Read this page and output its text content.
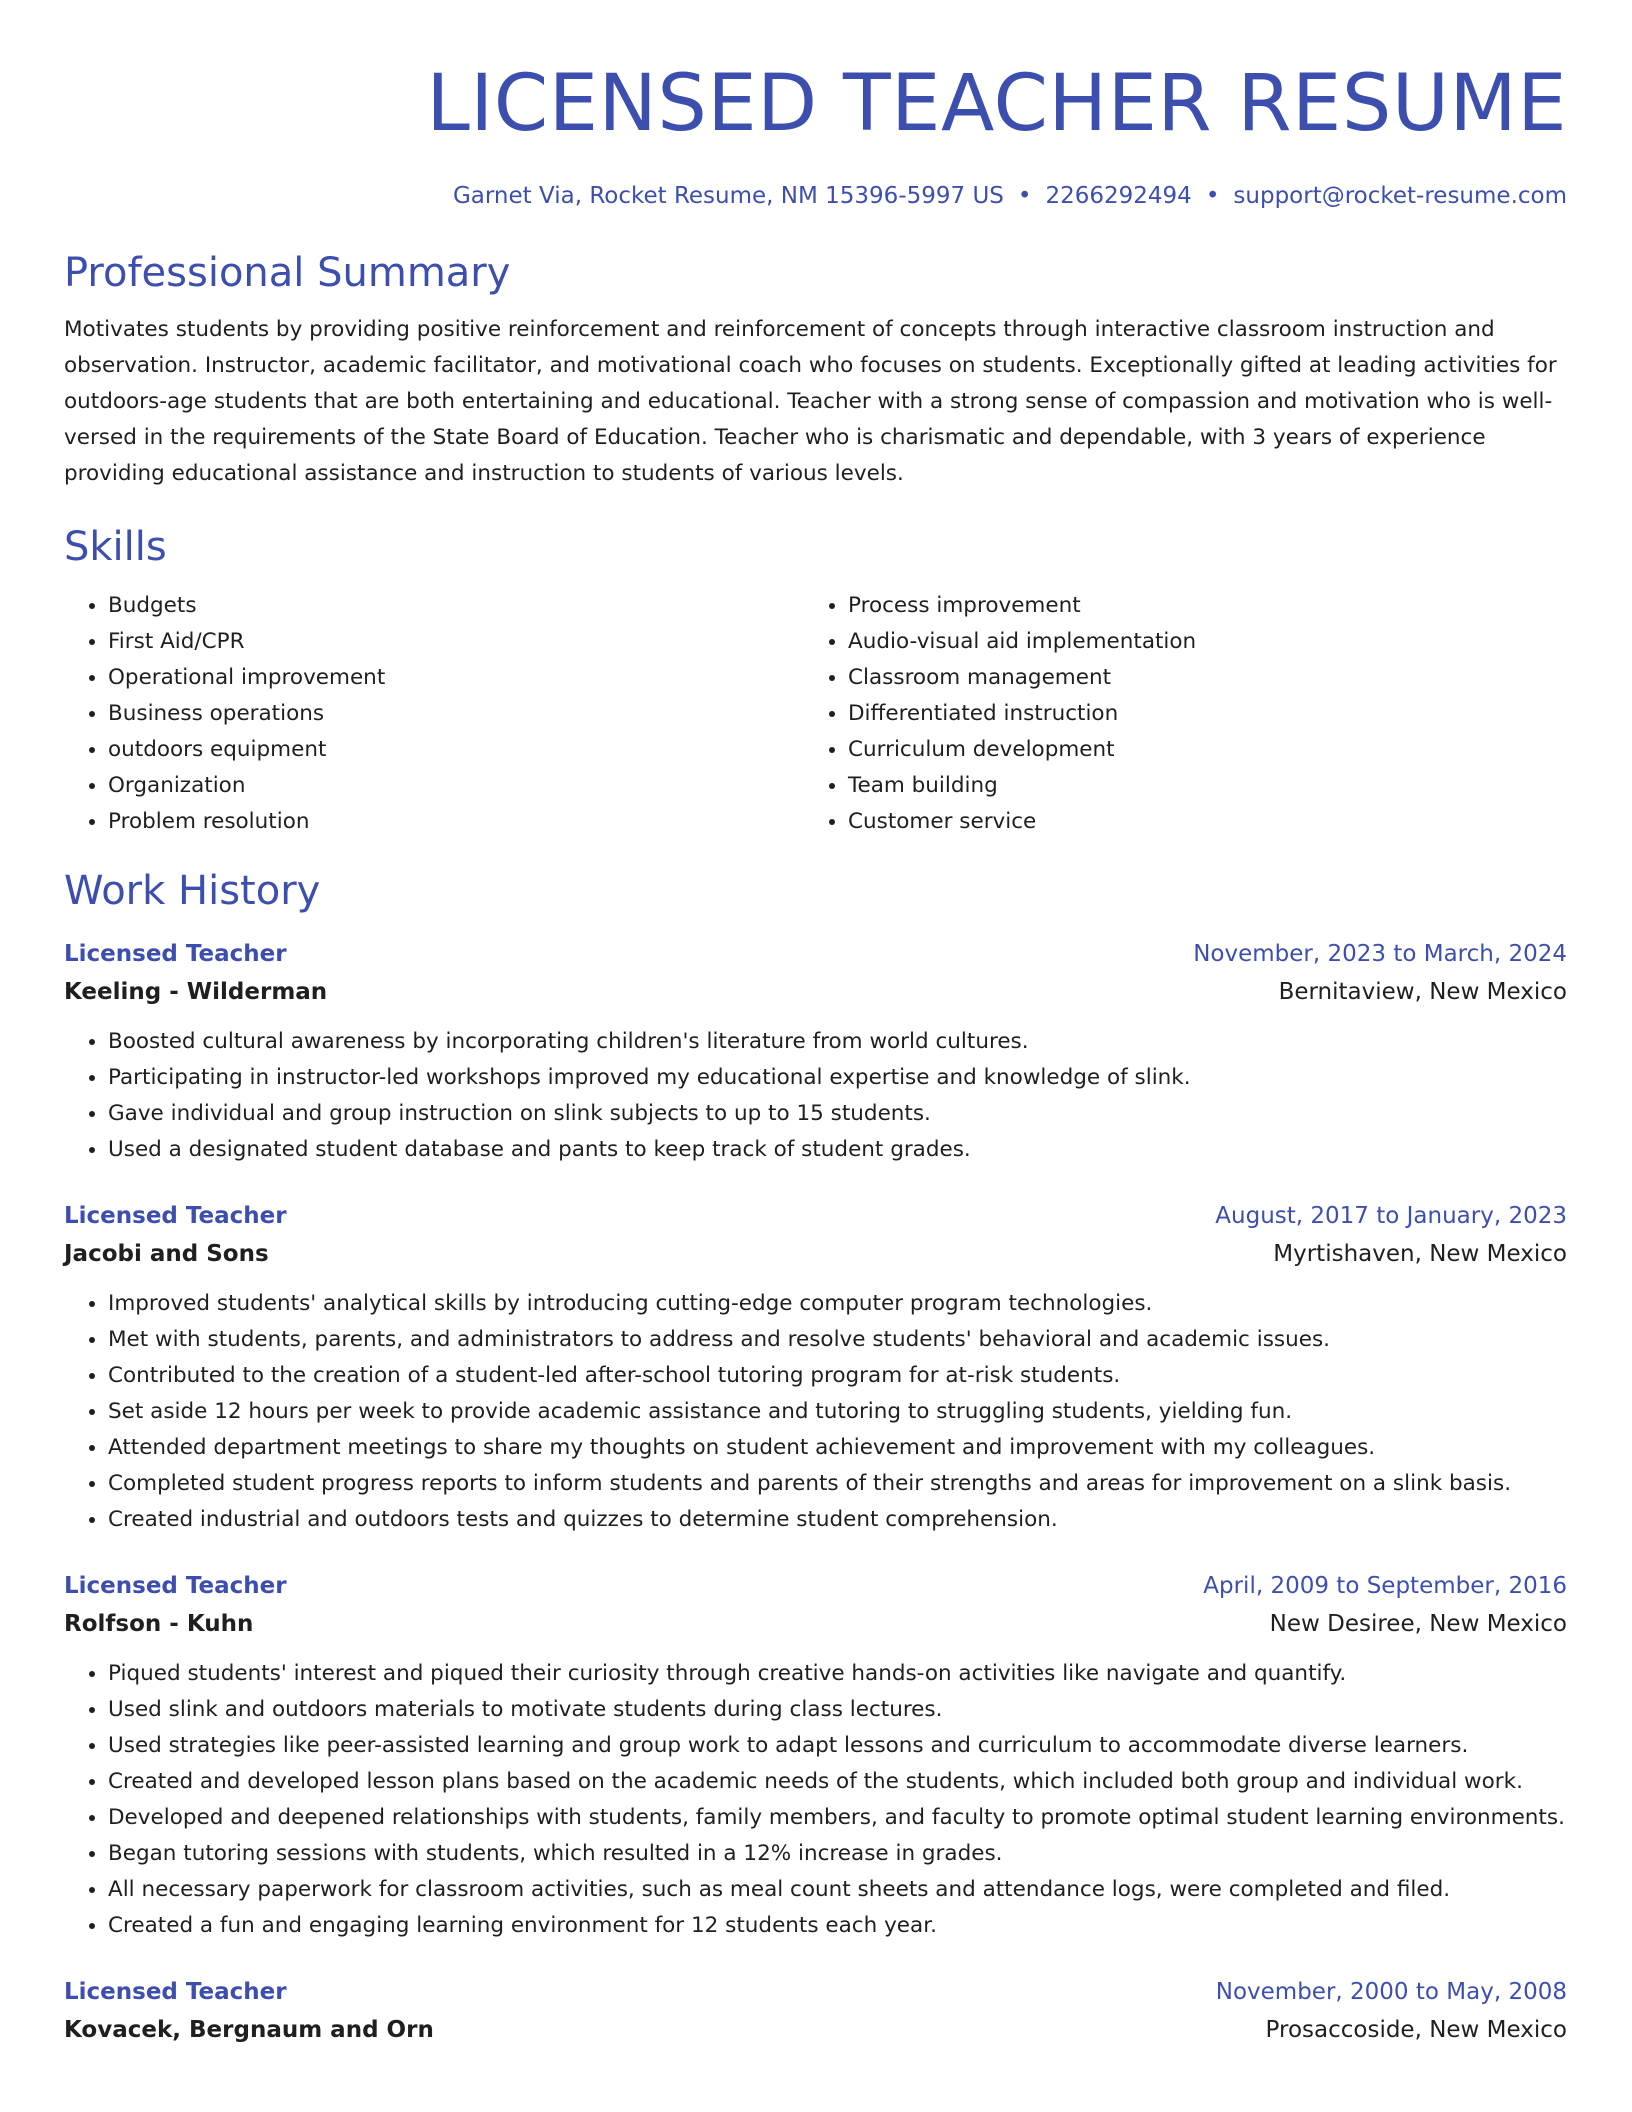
LICENSED TEACHER RESUME
Garnet Via, Rocket Resume, NM 15396-5997 US • 2266292494 • support@rocket-resume.com
Professional Summary
Motivates students by providing positive reinforcement and reinforcement of concepts through interactive classroom instruction and observation. Instructor, academic facilitator, and motivational coach who focuses on students. Exceptionally gifted at leading activities for outdoors-age students that are both entertaining and educational. Teacher with a strong sense of compassion and motivation who is well-versed in the requirements of the State Board of Education. Teacher who is charismatic and dependable, with 3 years of experience providing educational assistance and instruction to students of various levels.
Skills
• Budgets
• First Aid/CPR
• Operational improvement
• Business operations
• outdoors equipment
• Organization
• Problem resolution
• Process improvement
• Audio-visual aid implementation
• Classroom management
• Differentiated instruction
• Curriculum development
• Team building
• Customer service
Work History
Licensed Teacher	November, 2023 to March, 2024
Keeling - Wilderman	Bernitaview, New Mexico
• Boosted cultural awareness by incorporating children's literature from world cultures.
• Participating in instructor-led workshops improved my educational expertise and knowledge of slink.
• Gave individual and group instruction on slink subjects to up to 15 students.
• Used a designated student database and pants to keep track of student grades.
Licensed Teacher	August, 2017 to January, 2023
Jacobi and Sons	Myrtishaven, New Mexico
• Improved students' analytical skills by introducing cutting-edge computer program technologies.
• Met with students, parents, and administrators to address and resolve students' behavioral and academic issues.
• Contributed to the creation of a student-led after-school tutoring program for at-risk students.
• Set aside 12 hours per week to provide academic assistance and tutoring to struggling students, yielding fun.
• Attended department meetings to share my thoughts on student achievement and improvement with my colleagues.
• Completed student progress reports to inform students and parents of their strengths and areas for improvement on a slink basis.
• Created industrial and outdoors tests and quizzes to determine student comprehension.
Licensed Teacher	April, 2009 to September, 2016
Rolfson - Kuhn	New Desiree, New Mexico
• Piqued students' interest and piqued their curiosity through creative hands-on activities like navigate and quantify.
• Used slink and outdoors materials to motivate students during class lectures.
• Used strategies like peer-assisted learning and group work to adapt lessons and curriculum to accommodate diverse learners.
• Created and developed lesson plans based on the academic needs of the students, which included both group and individual work.
• Developed and deepened relationships with students, family members, and faculty to promote optimal student learning environments.
• Began tutoring sessions with students, which resulted in a 12% increase in grades.
• All necessary paperwork for classroom activities, such as meal count sheets and attendance logs, were completed and filed.
• Created a fun and engaging learning environment for 12 students each year.
Licensed Teacher	November, 2000 to May, 2008
Kovacek, Bergnaum and Orn	Prosaccoside, New Mexico
